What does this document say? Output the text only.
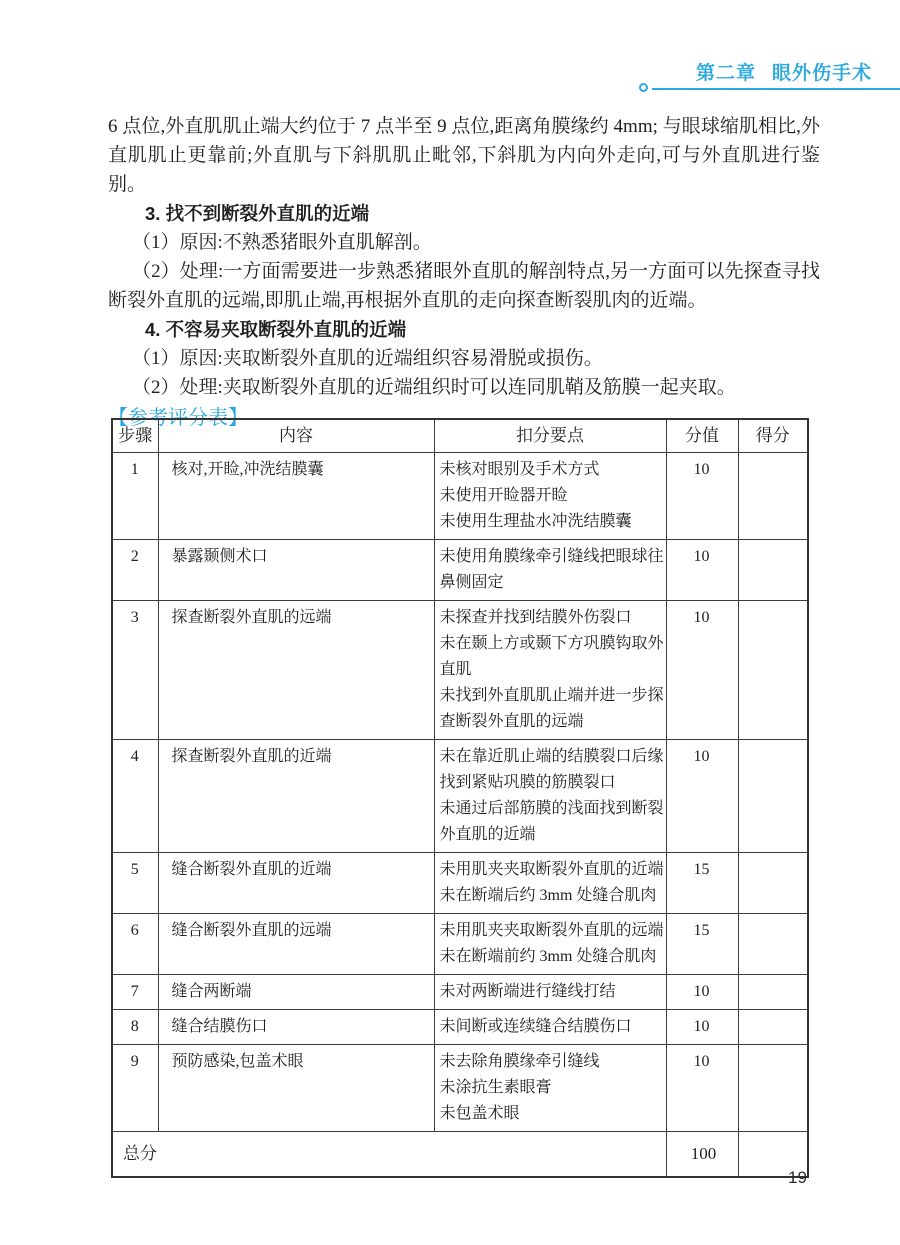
第二章 眼外伤手术

6 点位,外直肌肌止端大约位于 7 点半至 9 点位,距离角膜缘约 4mm; 与眼球缩肌相比,外直肌肌止更靠前;外直肌与下斜肌肌止毗邻,下斜肌为内向外走向,可与外直肌进行鉴别。

3. 找不到断裂外直肌的近端

（1）原因:不熟悉猪眼外直肌解剖。

（2）处理:一方面需要进一步熟悉猪眼外直肌的解剖特点,另一方面可以先探查寻找断裂外直肌的远端,即肌止端,再根据外直肌的走向探查断裂肌肉的近端。

4. 不容易夹取断裂外直肌的近端

（1）原因:夹取断裂外直肌的近端组织容易滑脱或损伤。

（2）处理:夹取断裂外直肌的近端组织时可以连同肌鞘及筋膜一起夹取。

【参考评分表】

步骤	内容	扣分要点	分值	得分
1	核对,开睑,冲洗结膜囊	未核对眼别及手术方式
未使用开睑器开睑
未使用生理盐水冲洗结膜囊	10	
2	暴露颞侧术口	未使用角膜缘牵引缝线把眼球往鼻侧固定	10	
3	探查断裂外直肌的远端	未探查并找到结膜外伤裂口
未在颞上方或颞下方巩膜钩取外直肌
未找到外直肌肌止端并进一步探查断裂外直肌的远端	10	
4	探查断裂外直肌的近端	未在靠近肌止端的结膜裂口后缘找到紧贴巩膜的筋膜裂口
未通过后部筋膜的浅面找到断裂外直肌的近端	10	
5	缝合断裂外直肌的近端	未用肌夹夹取断裂外直肌的近端
未在断端后约 3mm 处缝合肌肉	15	
6	缝合断裂外直肌的远端	未用肌夹夹取断裂外直肌的远端
未在断端前约 3mm 处缝合肌肉	15	
7	缝合两断端	未对两断端进行缝线打结	10	
8	缝合结膜伤口	未间断或连续缝合结膜伤口	10	
9	预防感染,包盖术眼	未去除角膜缘牵引缝线
未涂抗生素眼膏
未包盖术眼	10	
总分			100	
19
